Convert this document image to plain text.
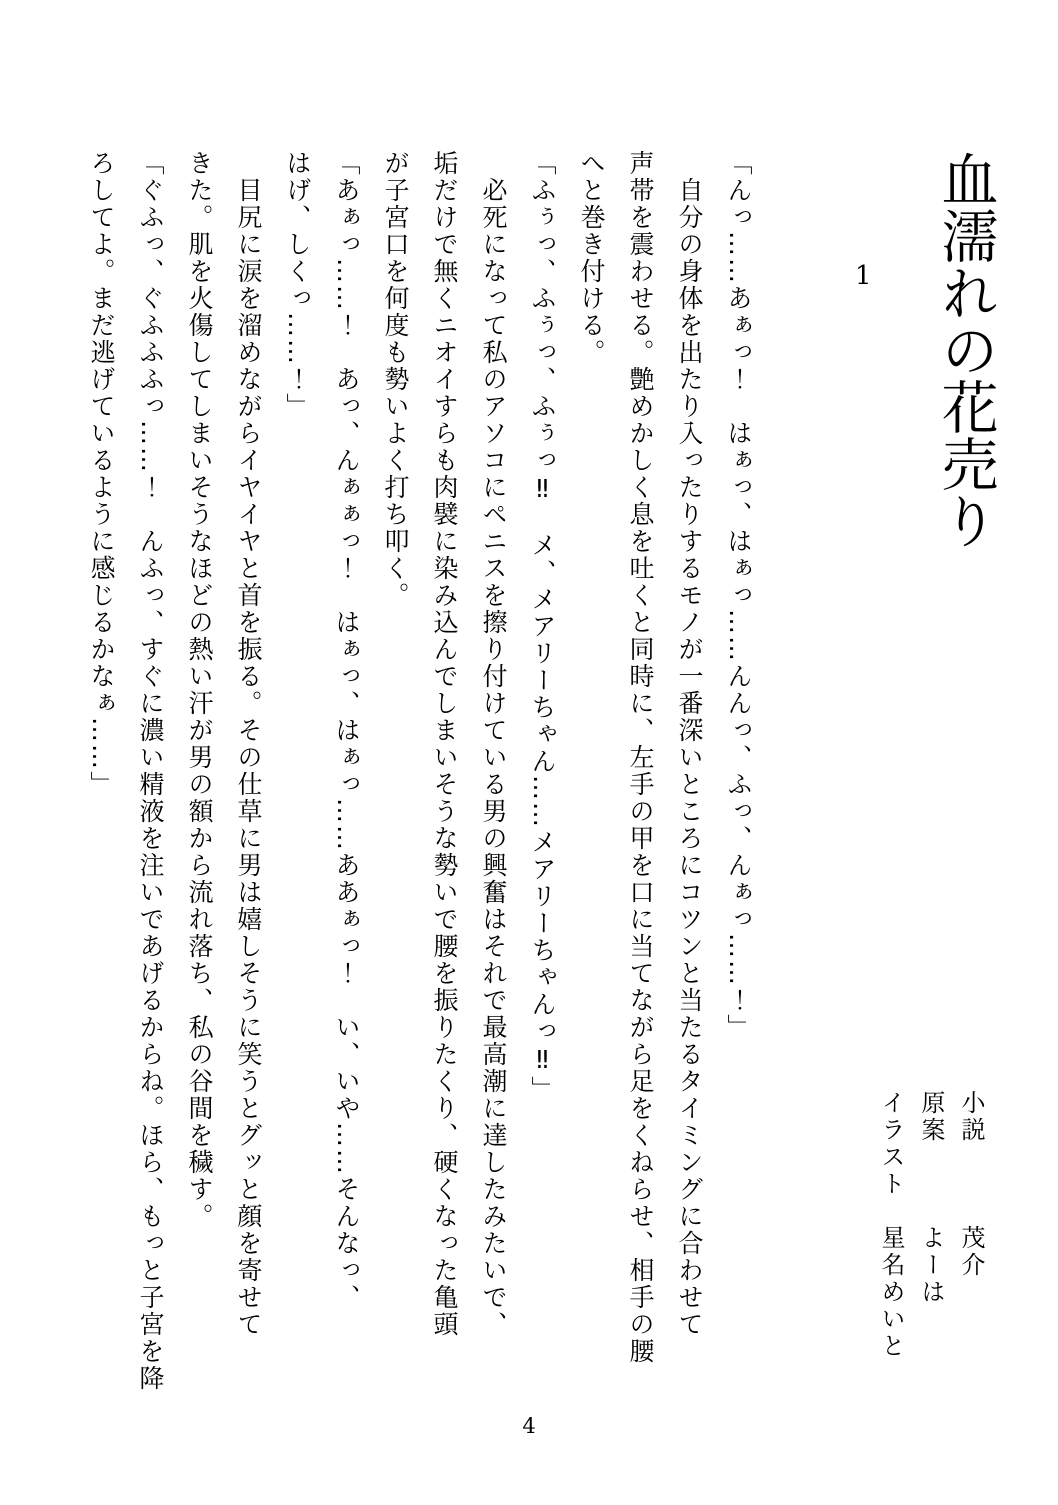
血濡れの花売り
1
「んっ……あぁっ！　はぁっ、はぁっ……んんっ、ふっ、んぁっ……！」
自分の身体を出たり入ったりするモノが一番深いところにコツンと当たるタイミングに合わせて
声帯を震わせる。艶めかしく息を吐くと同時に、左手の甲を口に当てながら足をくねらせ、相手の腰
へと巻き付ける。
「ふぅっ、ふぅっ、ふぅっ‼　メ、メアリーちゃん……メアリーちゃんっ‼」
必死になって私のアソコにペニスを擦り付けている男の興奮はそれで最高潮に達したみたいで、
垢だけで無くニオイすらも肉襞に染み込んでしまいそうな勢いで腰を振りたくり、硬くなった亀頭
が子宮口を何度も勢いよく打ち叩く。
「あぁっ……！　あっ、んぁぁっ！　はぁっ、はぁっ……ああぁっ！　い、いや……そんなっ、
はげ、しくっ……！」
目尻に涙を溜めながらイヤイヤと首を振る。その仕草に男は嬉しそうに笑うとグッと顔を寄せて
きた。肌を火傷してしまいそうなほどの熱い汗が男の額から流れ落ち、私の谷間を穢す。
「ぐふっ、ぐふふふっ……！　んふっ、すぐに濃い精液を注いであげるからね。ほら、もっと子宮を降
ろしてよ。まだ逃げているように感じるかなぁ……」
小説　　　茂介
原案　　　よーは
イラスト　星名めいと
4
